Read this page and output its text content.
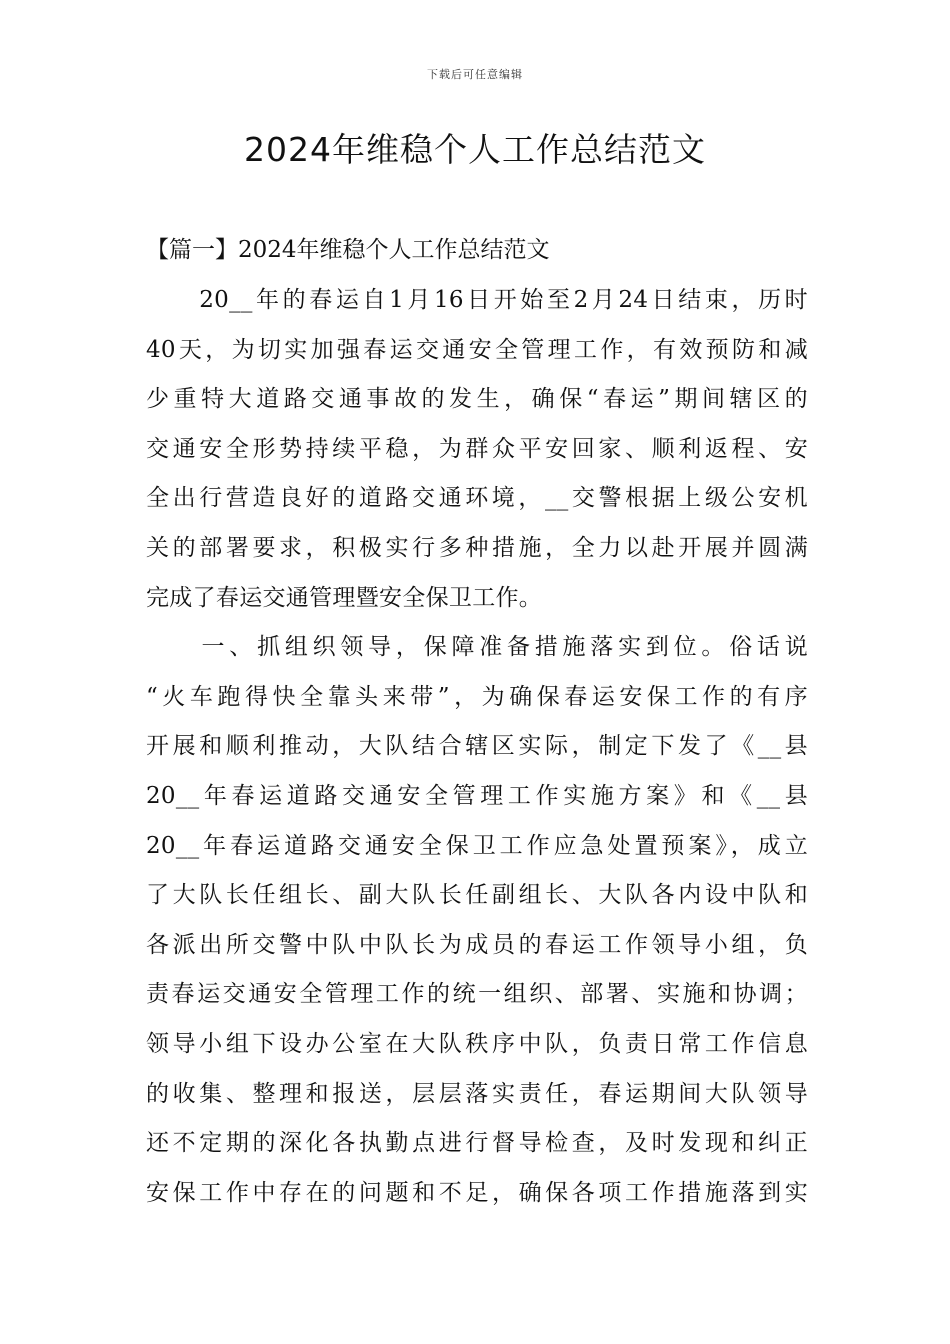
下载后可任意编辑
2024年维稳个人工作总结范文
【篇一】2024年维稳个人工作总结范文
　　20__年的春运自1月16日开始至2月24日结束，历时
40天，为切实加强春运交通安全管理工作，有效预防和减
少重特大道路交通事故的发生，确保“春运”期间辖区的
交通安全形势持续平稳，为群众平安回家、顺利返程、安
全出行营造良好的道路交通环境，__交警根据上级公安机
关的部署要求，积极实行多种措施，全力以赴开展并圆满
完成了春运交通管理暨安全保卫工作。
　　一、抓组织领导，保障准备措施落实到位。俗话说
“火车跑得快全靠头来带”，为确保春运安保工作的有序
开展和顺利推动，大队结合辖区实际，制定下发了《__县
20__年春运道路交通安全管理工作实施方案》和《__县
20__年春运道路交通安全保卫工作应急处置预案》，成立
了大队长任组长、副大队长任副组长、大队各内设中队和
各派出所交警中队中队长为成员的春运工作领导小组，负
责春运交通安全管理工作的统一组织、部署、实施和协调；
领导小组下设办公室在大队秩序中队，负责日常工作信息
的收集、整理和报送，层层落实责任，春运期间大队领导
还不定期的深化各执勤点进行督导检查，及时发现和纠正
安保工作中存在的问题和不足，确保各项工作措施落到实
